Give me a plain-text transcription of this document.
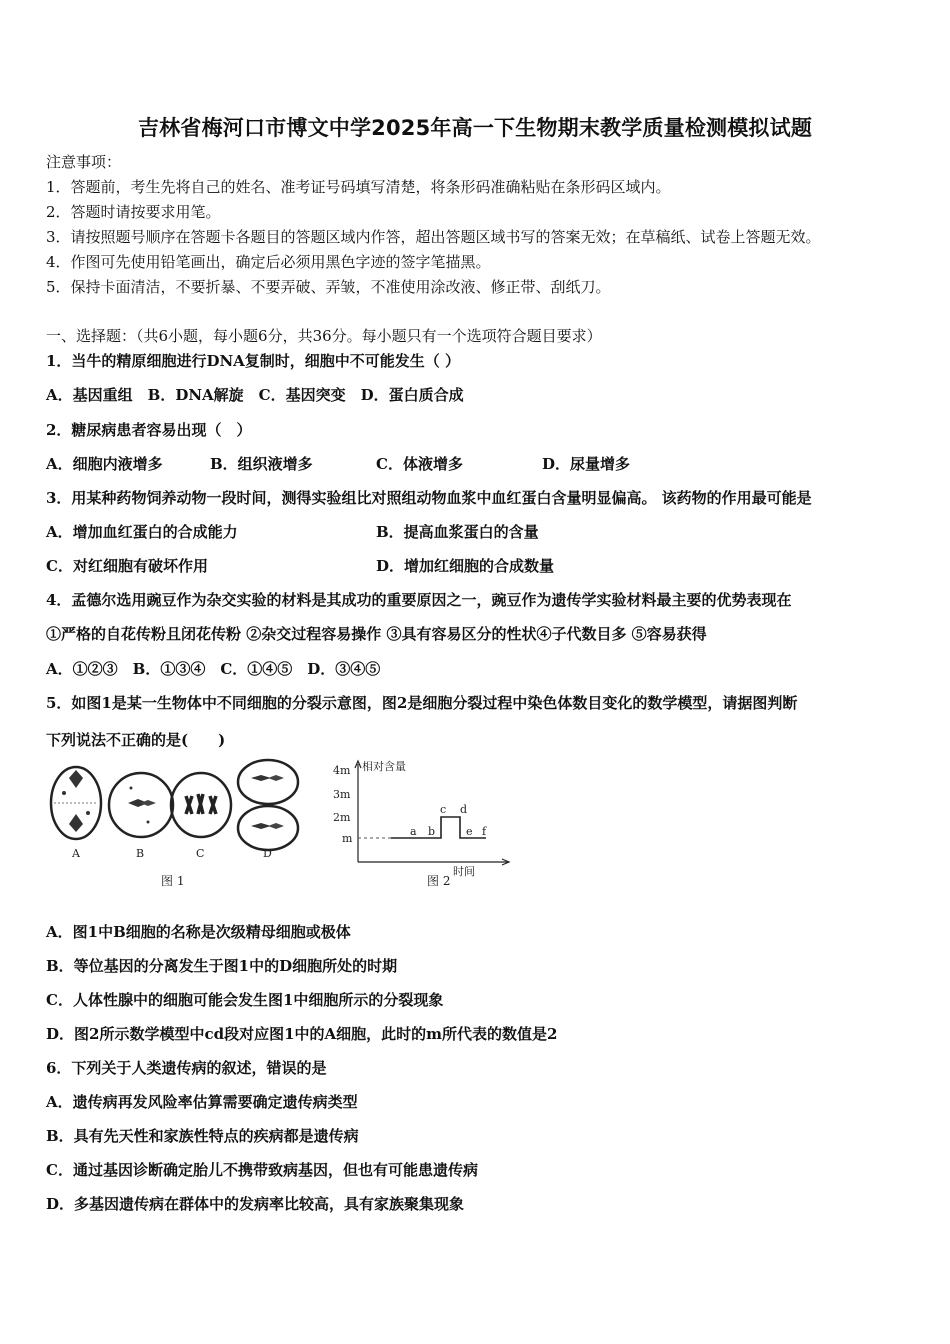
吉林省梅河口市博文中学2025年高一下生物期末教学质量检测模拟试题
注意事项：
1．答题前，考生先将自己的姓名、准考证号码填写清楚，将条形码准确粘贴在条形码区域内。
2．答题时请按要求用笔。
3．请按照题号顺序在答题卡各题目的答题区域内作答，超出答题区域书写的答案无效；在草稿纸、试卷上答题无效。
4．作图可先使用铅笔画出，确定后必须用黑色字迹的签字笔描黑。
5．保持卡面清洁，不要折暴、不要弄破、弄皱，不准使用涂改液、修正带、刮纸刀。
一、选择题：（共6小题，每小题6分，共36分。每小题只有一个选项符合题目要求）
1．当牛的精原细胞进行DNA复制时，细胞中不可能发生（ ）
A．基因重组　B．DNA解旋　C．基因突变　D．蛋白质合成
2．糖尿病患者容易出现（　）
A．细胞内液增多	B．组织液增多	C．体液增多	D．尿量增多
3．用某种药物饲养动物一段时间，测得实验组比对照组动物血浆中血红蛋白含量明显偏高。 该药物的作用最可能是
A．增加血红蛋白的合成能力	B．提高血浆蛋白的含量
C．对红细胞有破坏作用	D．增加红细胞的合成数量
4．孟德尔选用豌豆作为杂交实验的材料是其成功的重要原因之一，豌豆作为遗传学实验材料最主要的优势表现在
①严格的自花传粉且闭花传粉 ②杂交过程容易操作 ③具有容易区分的性状④子代数目多 ⑤容易获得
A．①②③　B．①③④　C．①④⑤　D．③④⑤
5．如图1是某一生物体中不同细胞的分裂示意图，图2是细胞分裂过程中染色体数目变化的数学模型，请据图判断
下列说法不正确的是(　　)
A	B	C	D
图 1
相对含量
时间
4m
3m
2m
m
a b
c d
e f
图 2
A．图1中B细胞的名称是次级精母细胞或极体
B．等位基因的分离发生于图1中的D细胞所处的时期
C．人体性腺中的细胞可能会发生图1中细胞所示的分裂现象
D．图2所示数学模型中cd段对应图1中的A细胞，此时的m所代表的数值是2
6．下列关于人类遗传病的叙述，错误的是
A．遗传病再发风险率估算需要确定遗传病类型
B．具有先天性和家族性特点的疾病都是遗传病
C．通过基因诊断确定胎儿不携带致病基因，但也有可能患遗传病
D．多基因遗传病在群体中的发病率比较高，具有家族聚集现象
